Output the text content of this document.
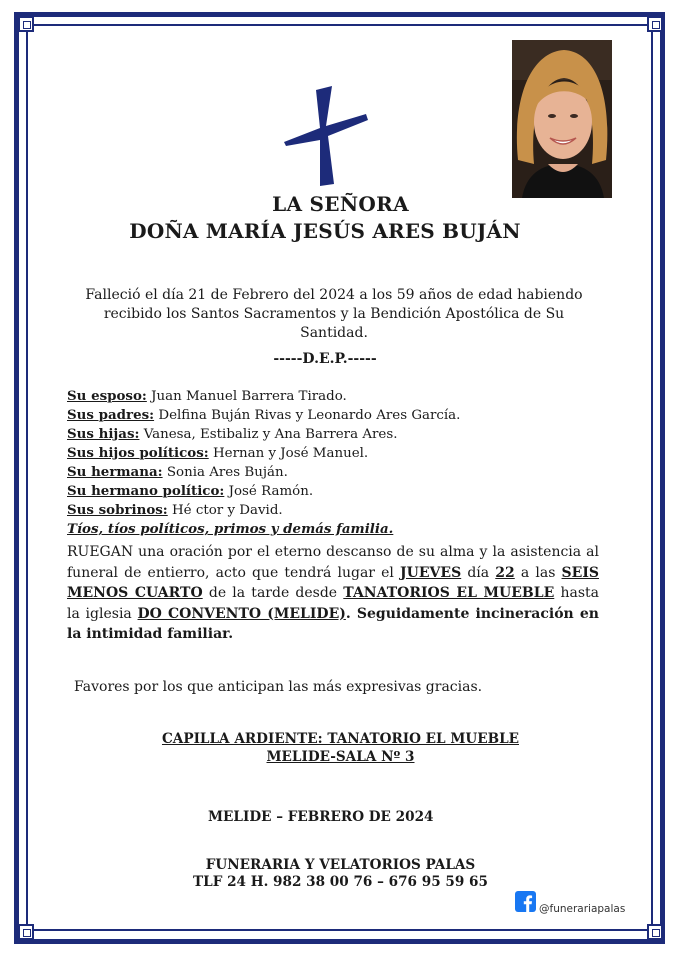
LA SEÑORA
DOÑA MARÍA JESÚS ARES BUJÁN
Falleció el día 21 de Febrero del 2024 a los 59 años de edad habiendo recibido los Santos Sacramentos y la Bendición Apostólica de Su Santidad.
-----D.E.P.-----
Su esposo: Juan Manuel Barrera Tirado.
Sus padres: Delfina Buján Rivas y Leonardo Ares García.
Sus hijas: Vanesa, Estibaliz y Ana Barrera Ares.
Sus hijos políticos: Hernan y José Manuel.
Su hermana: Sonia Ares Buján.
Su hermano político: José Ramón.
Sus sobrinos: Hé ctor y David.
Tíos, tíos políticos, primos y demás familia.
RUEGAN una oración por el eterno descanso de su alma y la asistencia al funeral de entierro, acto que tendrá lugar el JUEVES día 22 a las SEIS MENOS CUARTO de la tarde desde TANATORIOS EL MUEBLE hasta la iglesia DO CONVENTO (MELIDE). Seguidamente incineración en la intimidad familiar.
Favores por los que anticipan las más expresivas gracias.
CAPILLA ARDIENTE: TANATORIO EL MUEBLE
MELIDE-SALA Nº 3
MELIDE – FEBRERO DE 2024
FUNERARIA Y VELATORIOS PALAS
TLF 24 H. 982 38 00 76 – 676 95 59 65
@funerariapalas
